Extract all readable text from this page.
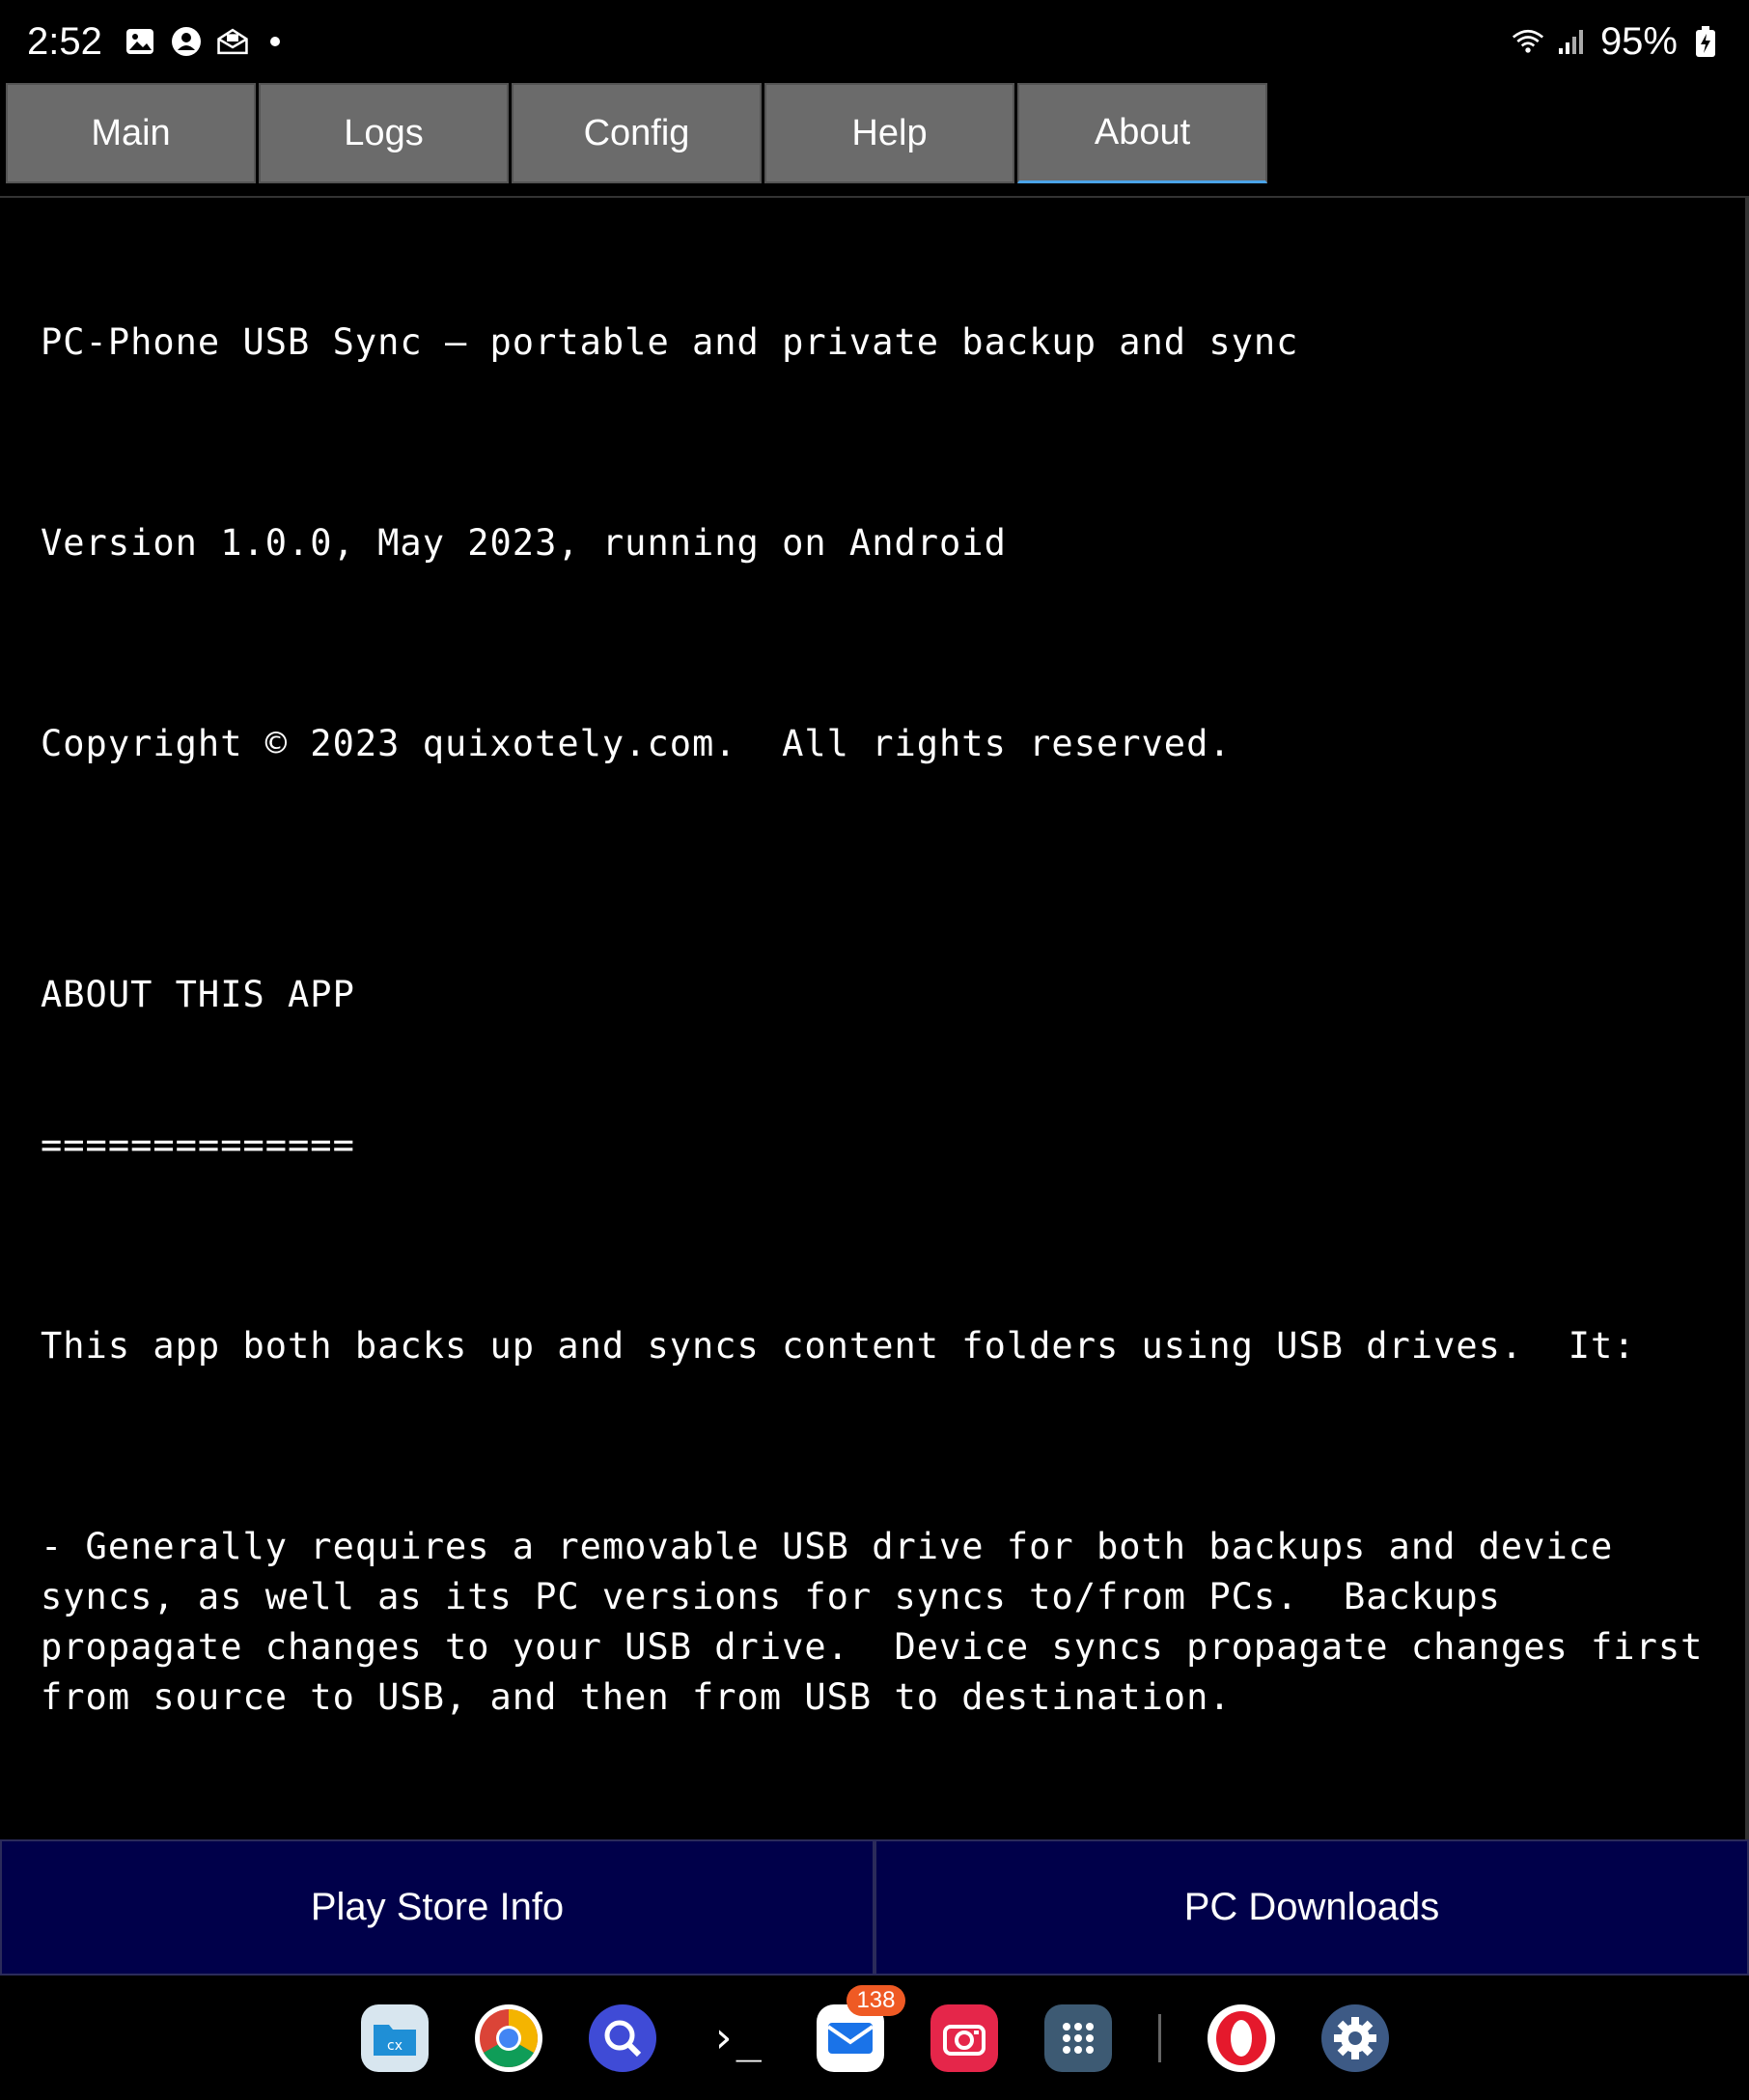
2:52	95%
Main	Logs	Config	Help	About

PC-Phone USB Sync — portable and private backup and sync

Version 1.0.0, May 2023, running on Android

Copyright © 2023 quixotely.com.  All rights reserved.

ABOUT THIS APP

==============

This app both backs up and syncs content folders using USB drives.  It:

- Generally requires a removable USB drive for both backups and device
syncs, as well as its PC versions for syncs to/from PCs.  Backups
propagate changes to your USB drive.  Device syncs propagate changes first
from source to USB, and then from USB to destination.

Play Store Info	PC Downloads
cx	›_
138
